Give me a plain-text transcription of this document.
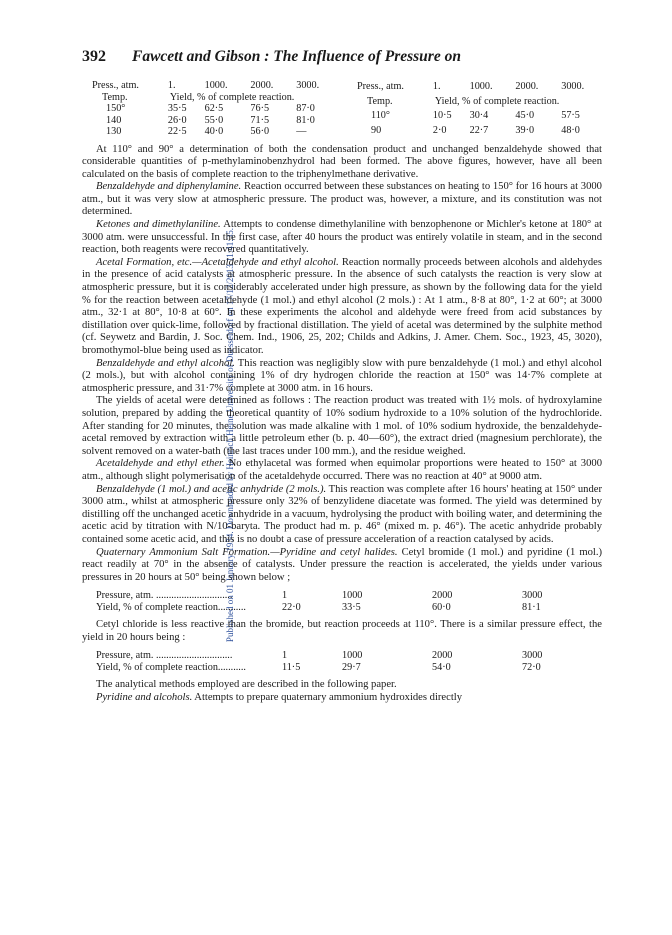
Published on 01 January 1934. Downloaded by Heinrich Heine University of Duesseldorf on 17/12/2013 11:41:35.
392 Fawcett and Gibson : The Influence of Pressure on
Press., atm.	1.	1000.	2000.	3000.
Temp.	Yield, % of complete reaction.			
150°	35·5	62·5	76·5	87·0
140	26·0	55·0	71·5	81·0
130	22·5	40·0	56·0	—
Press., atm.	1.	1000.	2000.	3000.
Temp.	Yield, % of complete reaction.			
110°	10·5	30·4	45·0	57·5
90	2·0	22·7	39·0	48·0

At 110° and 90° a determination of both the condensation product and unchanged benzaldehyde showed that considerable quantities of p-methylaminobenzhydrol had been formed. The above figures, however, have all been calculated on the basis of complete reaction to the triphenylmethane derivative.

Benzaldehyde and diphenylamine. Reaction occurred between these substances on heating to 150° for 16 hours at 3000 atm., but it was very slow at atmospheric pressure. The product was, however, a mixture, and its constitution was not determined.

Ketones and dimethylaniline. Attempts to condense dimethylaniline with benzophenone or Michler's ketone at 180° at 3000 atm. were unsuccessful. In the first case, after 40 hours the product was entirely volatile in steam, and in the second reaction, both reagents were recovered quantitatively.

Acetal Formation, etc.—Acetaldehyde and ethyl alcohol. Reaction normally proceeds between alcohols and aldehydes in the presence of acid catalysts at atmospheric pressure. In the absence of such catalysts the reaction is very slow at atmospheric pressure, but it is considerably accelerated under high pressure, as shown by the following data for the yield % for the reaction between acetaldehyde (1 mol.) and ethyl alcohol (2 mols.) : At 1 atm., 8·8 at 80°, 1·2 at 60°; at 3000 atm., 32·1 at 80°, 10·8 at 60°. In these experiments the alcohol and aldehyde were freed from acid substances by distillation over quick-lime, followed by fractional distillation. The yield of acetal was determined by the sulphite method (cf. Seywetz and Bardin, J. Soc. Chem. Ind., 1906, 25, 202; Childs and Adkins, J. Amer. Chem. Soc., 1923, 45, 3020), bromothymol-blue being used as indicator.

Benzaldehyde and ethyl alcohol. This reaction was negligibly slow with pure benzaldehyde (1 mol.) and ethyl alcohol (2 mols.), but with alcohol containing 1% of dry hydrogen chloride the reaction at 150° was 14·7% complete at atmospheric pressure, and 31·7% complete at 3000 atm. in 16 hours.

The yields of acetal were determined as follows : The reaction product was treated with 1½ mols. of hydroxylamine solution, prepared by adding the theoretical quantity of 10% sodium hydroxide to a 10% solution of the hydrochloride. After standing for 20 minutes, the solution was made alkaline with 1 mol. of 10% sodium hydroxide, the benzaldehyde-acetal removed by extraction with a little petroleum ether (b. p. 40—60°), the extract dried (magnesium perchlorate), the solvent removed on a water-bath (the last traces under 100 mm.), and the residue weighed.

Acetaldehyde and ethyl ether. No ethylacetal was formed when equimolar proportions were heated to 150° at 3000 atm., although slight polymerisation of the acetaldehyde occurred. There was no reaction at 40° at 9000 atm.

Benzaldehyde (1 mol.) and acetic anhydride (2 mols.). This reaction was complete after 16 hours' heating at 150° under 3000 atm., whilst at atmospheric pressure only 32% of benzylidene diacetate was formed. The yield was determined by distilling off the unchanged acetic anhydride in a vacuum, hydrolysing the product with boiling water, and determining the acetic acid by titration with N/10-baryta. The product had m. p. 46° (mixed m. p. 46°). The acetic anhydride probably contained some acetic acid, and this is no doubt a case of pressure acceleration of a reaction catalysed by acids.

Quaternary Ammonium Salt Formation.—Pyridine and cetyl halides. Cetyl bromide (1 mol.) and pyridine (1 mol.) react readily at 70° in the absence of catalysts. Under pressure the reaction is accelerated, the yields under various pressures in 20 hours at 50° being shown below ;

Pressure, atm. ..............................	1	1000	2000	3000
Yield, % of complete reaction...........	22·0	33·5	60·0	81·1

Cetyl chloride is less reactive than the bromide, but reaction proceeds at 110°. There is a similar pressure effect, the yield in 20 hours being :

Pressure, atm. ..............................	1	1000	2000	3000
Yield, % of complete reaction...........	11·5	29·7	54·0	72·0

The analytical methods employed are described in the following paper.

Pyridine and alcohols. Attempts to prepare quaternary ammonium hydroxides directly
